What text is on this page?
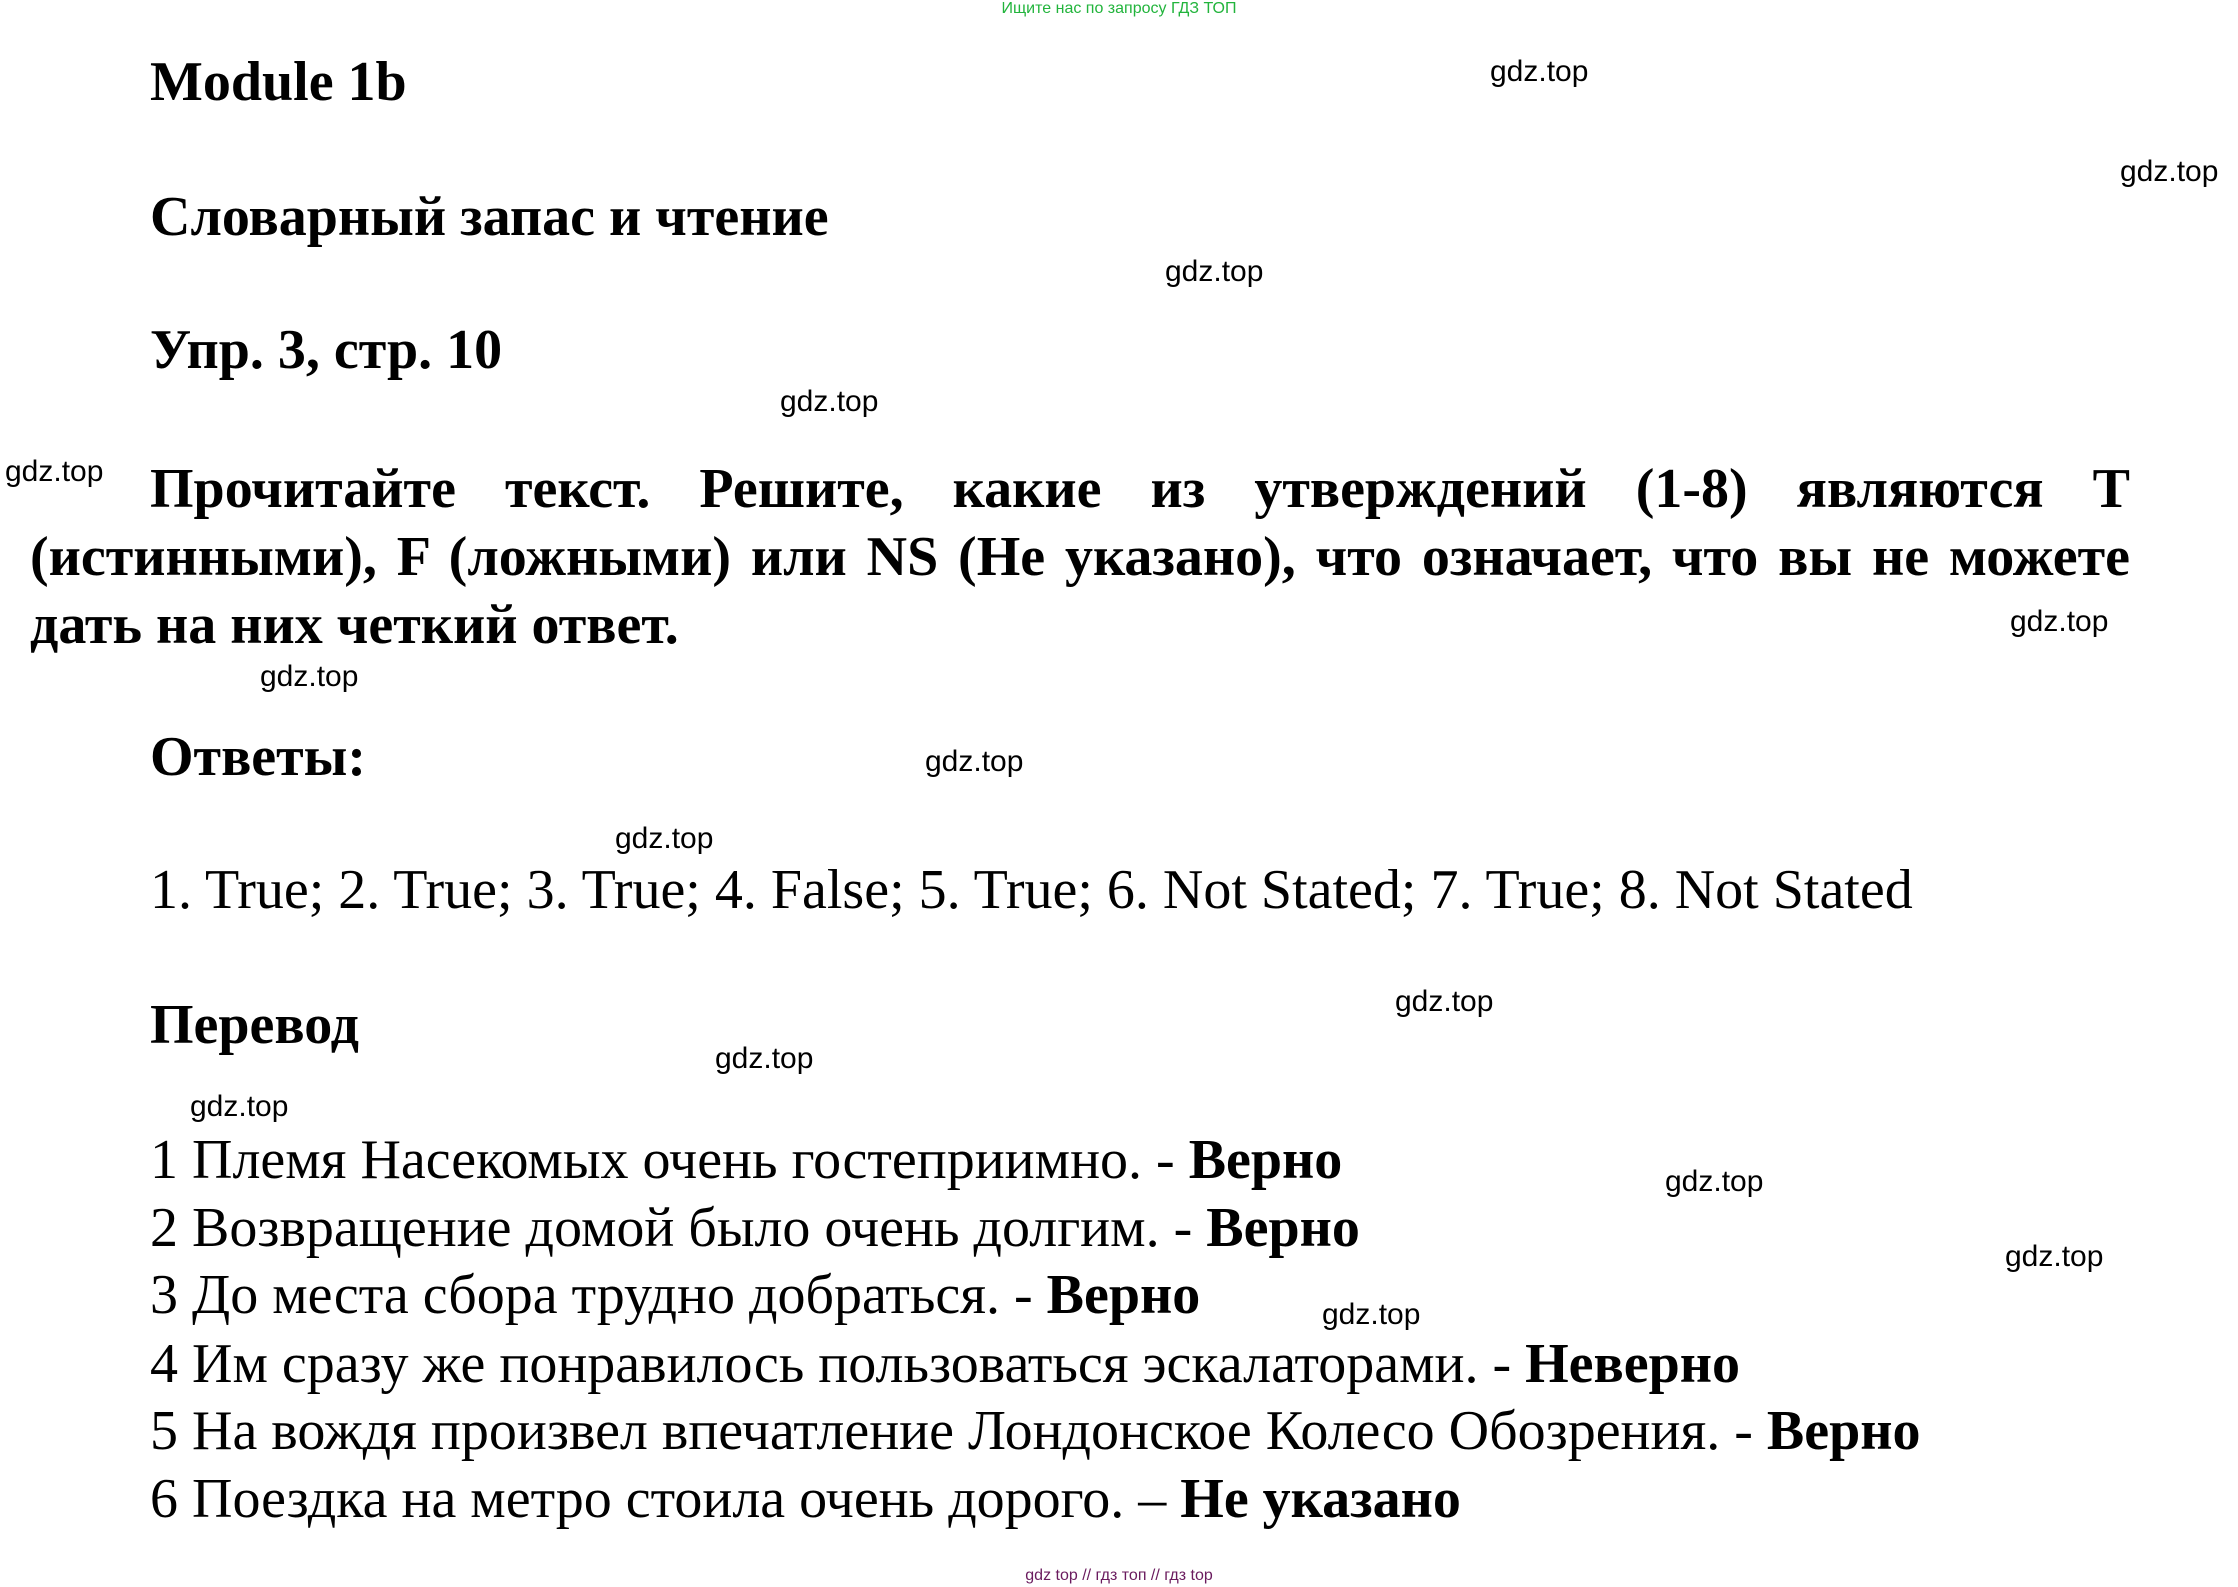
Ищите нас по запросу ГДЗ ТОП
Module 1b
Словарный запас и чтение
Упр. 3, стр. 10
Прочитайте текст. Решите, какие из утверждений (1-8) являются T (истинными), F (ложными) или NS (Не указано), что означает, что вы не можете дать на них четкий ответ.
Ответы:
1. True; 2. True; 3. True; 4. False; 5. True; 6. Not Stated; 7. True; 8. Not Stated
Перевод
1 Племя Насекомых очень гостеприимно. - Верно
2 Возвращение домой было очень долгим. - Верно
3 До места сбора трудно добраться. - Верно
4 Им сразу же понравилось пользоваться эскалаторами. - Неверно
5 На вождя произвел впечатление Лондонское Колесо Обозрения. - Верно
6 Поездка на метро стоила очень дорого. – Не указано
gdz.top
gdz.top
gdz.top
gdz.top
gdz.top
gdz.top
gdz.top
gdz.top
gdz.top
gdz.top
gdz.top
gdz.top
gdz.top
gdz.top
gdz.top
gdz top // гдз топ // гдз top
